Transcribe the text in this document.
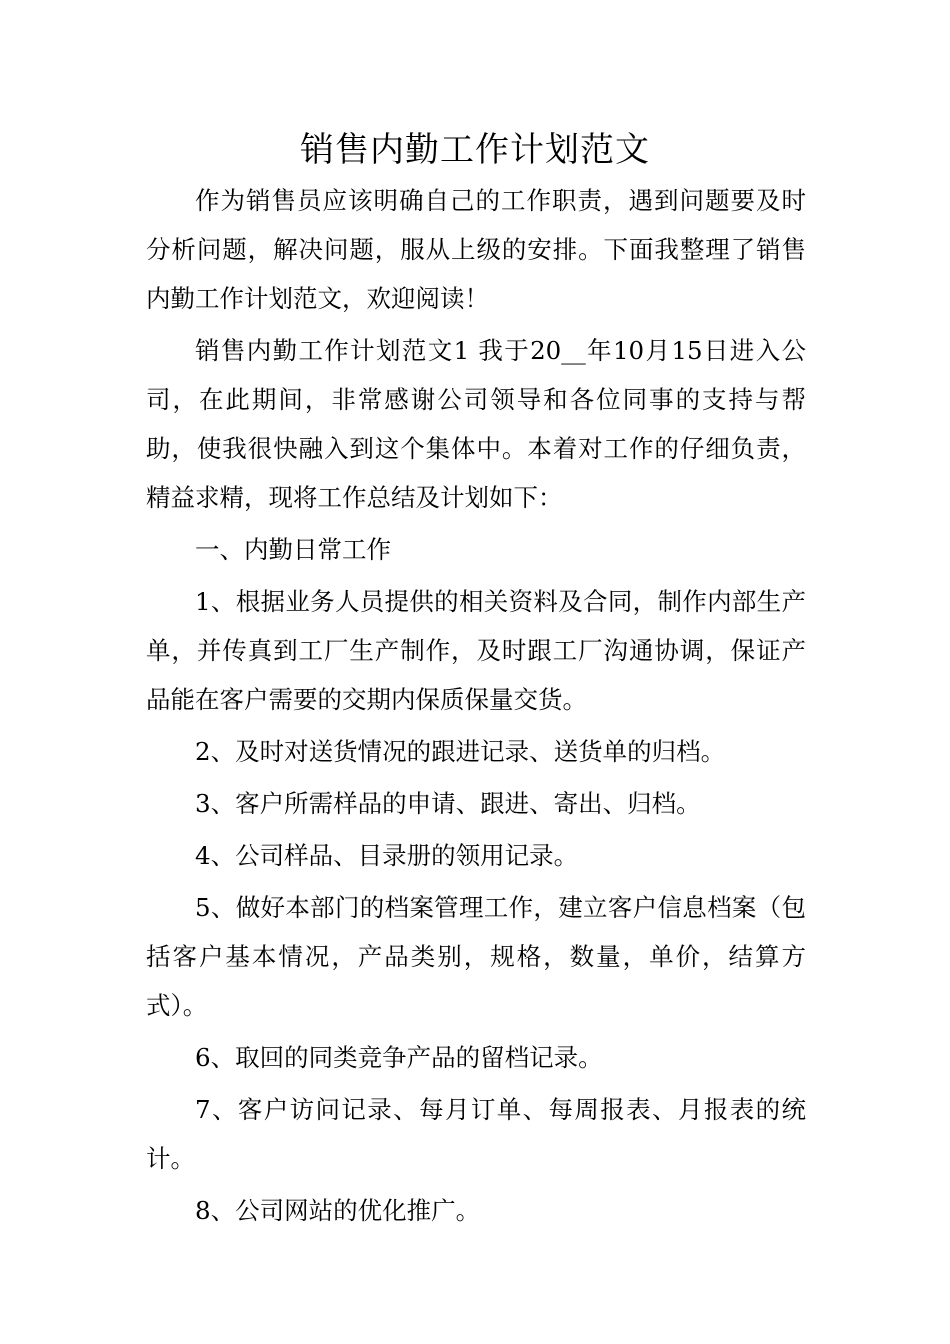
销售内勤工作计划范文

作为销售员应该明确自己的工作职责，遇到问题要及时分析问题，解决问题，服从上级的安排。下面我整理了销售内勤工作计划范文，欢迎阅读！

销售内勤工作计划范文1 我于20__年10月15日进入公司，在此期间，非常感谢公司领导和各位同事的支持与帮助，使我很快融入到这个集体中。本着对工作的仔细负责，精益求精，现将工作总结及计划如下：

一、内勤日常工作

1、根据业务人员提供的相关资料及合同，制作内部生产单，并传真到工厂生产制作，及时跟工厂沟通协调，保证产品能在客户需要的交期内保质保量交货。

2、及时对送货情况的跟进记录、送货单的归档。

3、客户所需样品的申请、跟进、寄出、归档。

4、公司样品、目录册的领用记录。

5、做好本部门的档案管理工作，建立客户信息档案（包括客户基本情况，产品类别，规格，数量，单价，结算方式）。

6、取回的同类竞争产品的留档记录。

7、客户访问记录、每月订单、每周报表、月报表的统计。

8、公司网站的优化推广。
